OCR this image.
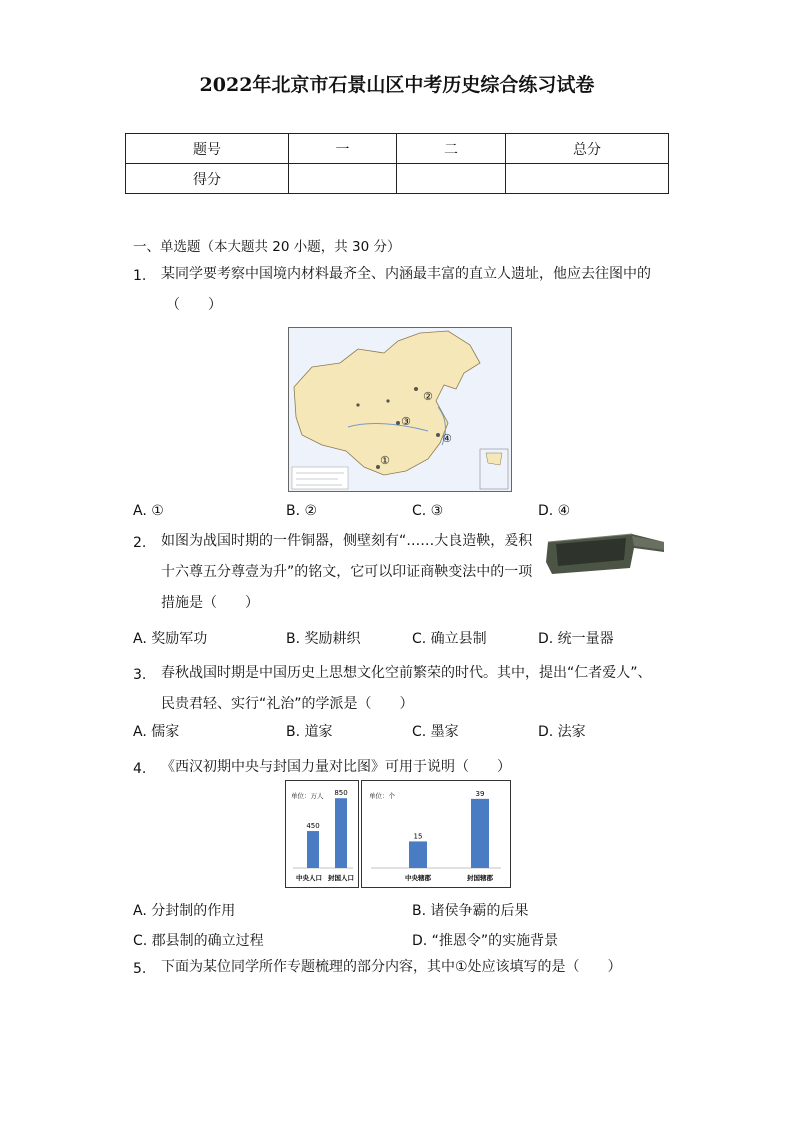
2022年北京市石景山区中考历史综合练习试卷
题号	一	二	总分
得分			
一、单选题（本大题共 20 小题，共 30 分）
1. 某同学要考察中国境内材料最齐全、内涵最丰富的直立人遗址，他应去往图中的
（　　）
①
②
③
④
A. ①	B. ②	C. ③	D. ④
2. 如图为战国时期的一件铜器，侧壁刻有“……大良造鞅，爰积
十六尊五分尊壹为升”的铭文，它可以印证商鞅变法中的一项
措施是（　　）
A. 奖励军功	B. 奖励耕织	C. 确立县制	D. 统一量器
3. 春秋战国时期是中国历史上思想文化空前繁荣的时代。其中，提出“仁者爱人”、
民贵君轻、实行“礼治”的学派是（　　）
A. 儒家	B. 道家	C. 墨家	D. 法家
4. 《西汉初期中央与封国力量对比图》可用于说明（　　）
单位：万人
450
850
中央人口 封国人口
单位：个
15
39
中央辖郡	封国辖郡
A. 分封制的作用	B. 诸侯争霸的后果
C. 郡县制的确立过程	D. “推恩令”的实施背景
5. 下面为某位同学所作专题梳理的部分内容，其中①处应该填写的是（　　）
